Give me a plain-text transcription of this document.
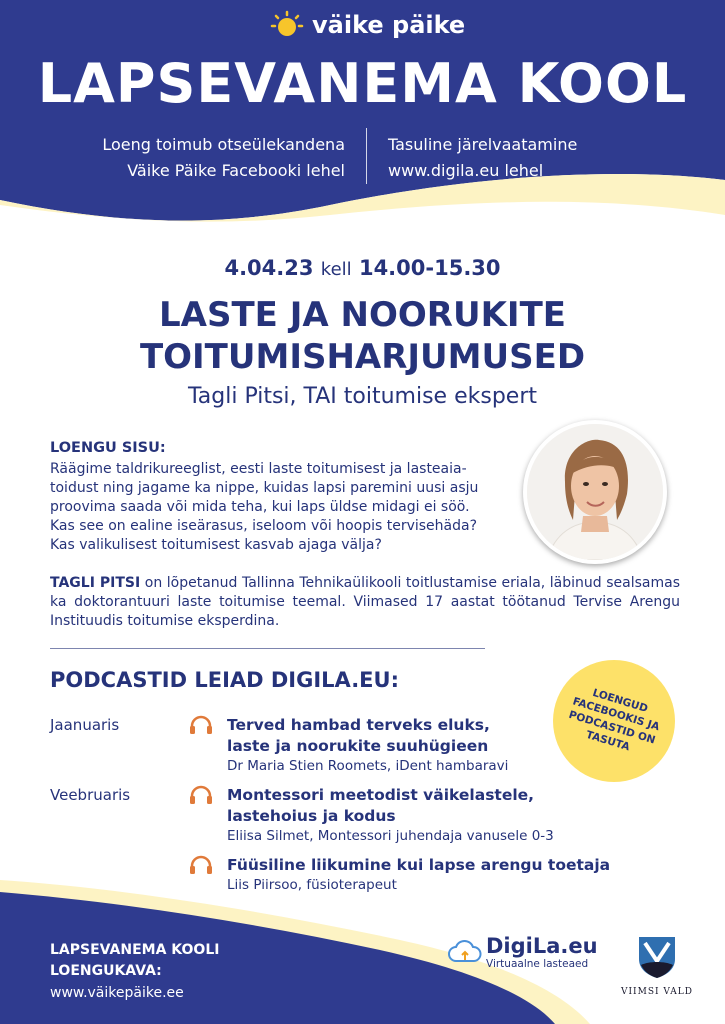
väike päike
LAPSEVANEMA KOOL
Loeng toimub otseülekandena
Väike Päike Facebooki lehel
Tasuline järelvaatamine
www.digila.eu lehel
4.04.23 kell 14.00-15.30
LASTE JA NOORUKITE
TOITUMISHARJUMUSED
Tagli Pitsi, TAI toitumise ekspert
LOENGU SISU:
Räägime taldrikureeglist, eesti laste toitumisest ja lasteaia-
toidust ning jagame ka nippe, kuidas lapsi paremini uusi asju
proovima saada või mida teha, kui laps üldse midagi ei söö.
Kas see on ealine iseärasus, iseloom või hoopis tervisehäda?
Kas valikulisest toitumisest kasvab ajaga välja?
TAGLI PITSI on lõpetanud Tallinna Tehnikaülikooli toitlustamise eriala, läbinud sealsamas ka doktorantuuri laste toitumise teemal. Viimased 17 aastat töötanud Tervise Arengu Instituudis toitumise eksperdina.
PODCASTID LEIAD DIGILA.EU:
LOENGUD FACEBOOKIS JA PODCASTID ON TASUTA
Jaanuaris	Terved hambad terveks eluks,
laste ja noorukite suuhügieen
Dr Maria Stien Roomets, iDent hambaravi
Veebruaris	Montessori meetodist väikelastele,
lastehoius ja kodus
Eliisa Silmet, Montessori juhendaja vanusele 0-3
Füüsiline liikumine kui lapse arengu toetaja
Liis Piirsoo, füsioterapeut
LAPSEVANEMA KOOLI
LOENGUKAVA:
www.väikepäike.ee
DigiLa.eu
Virtuaalne lasteaed
VIIMSI VALD
